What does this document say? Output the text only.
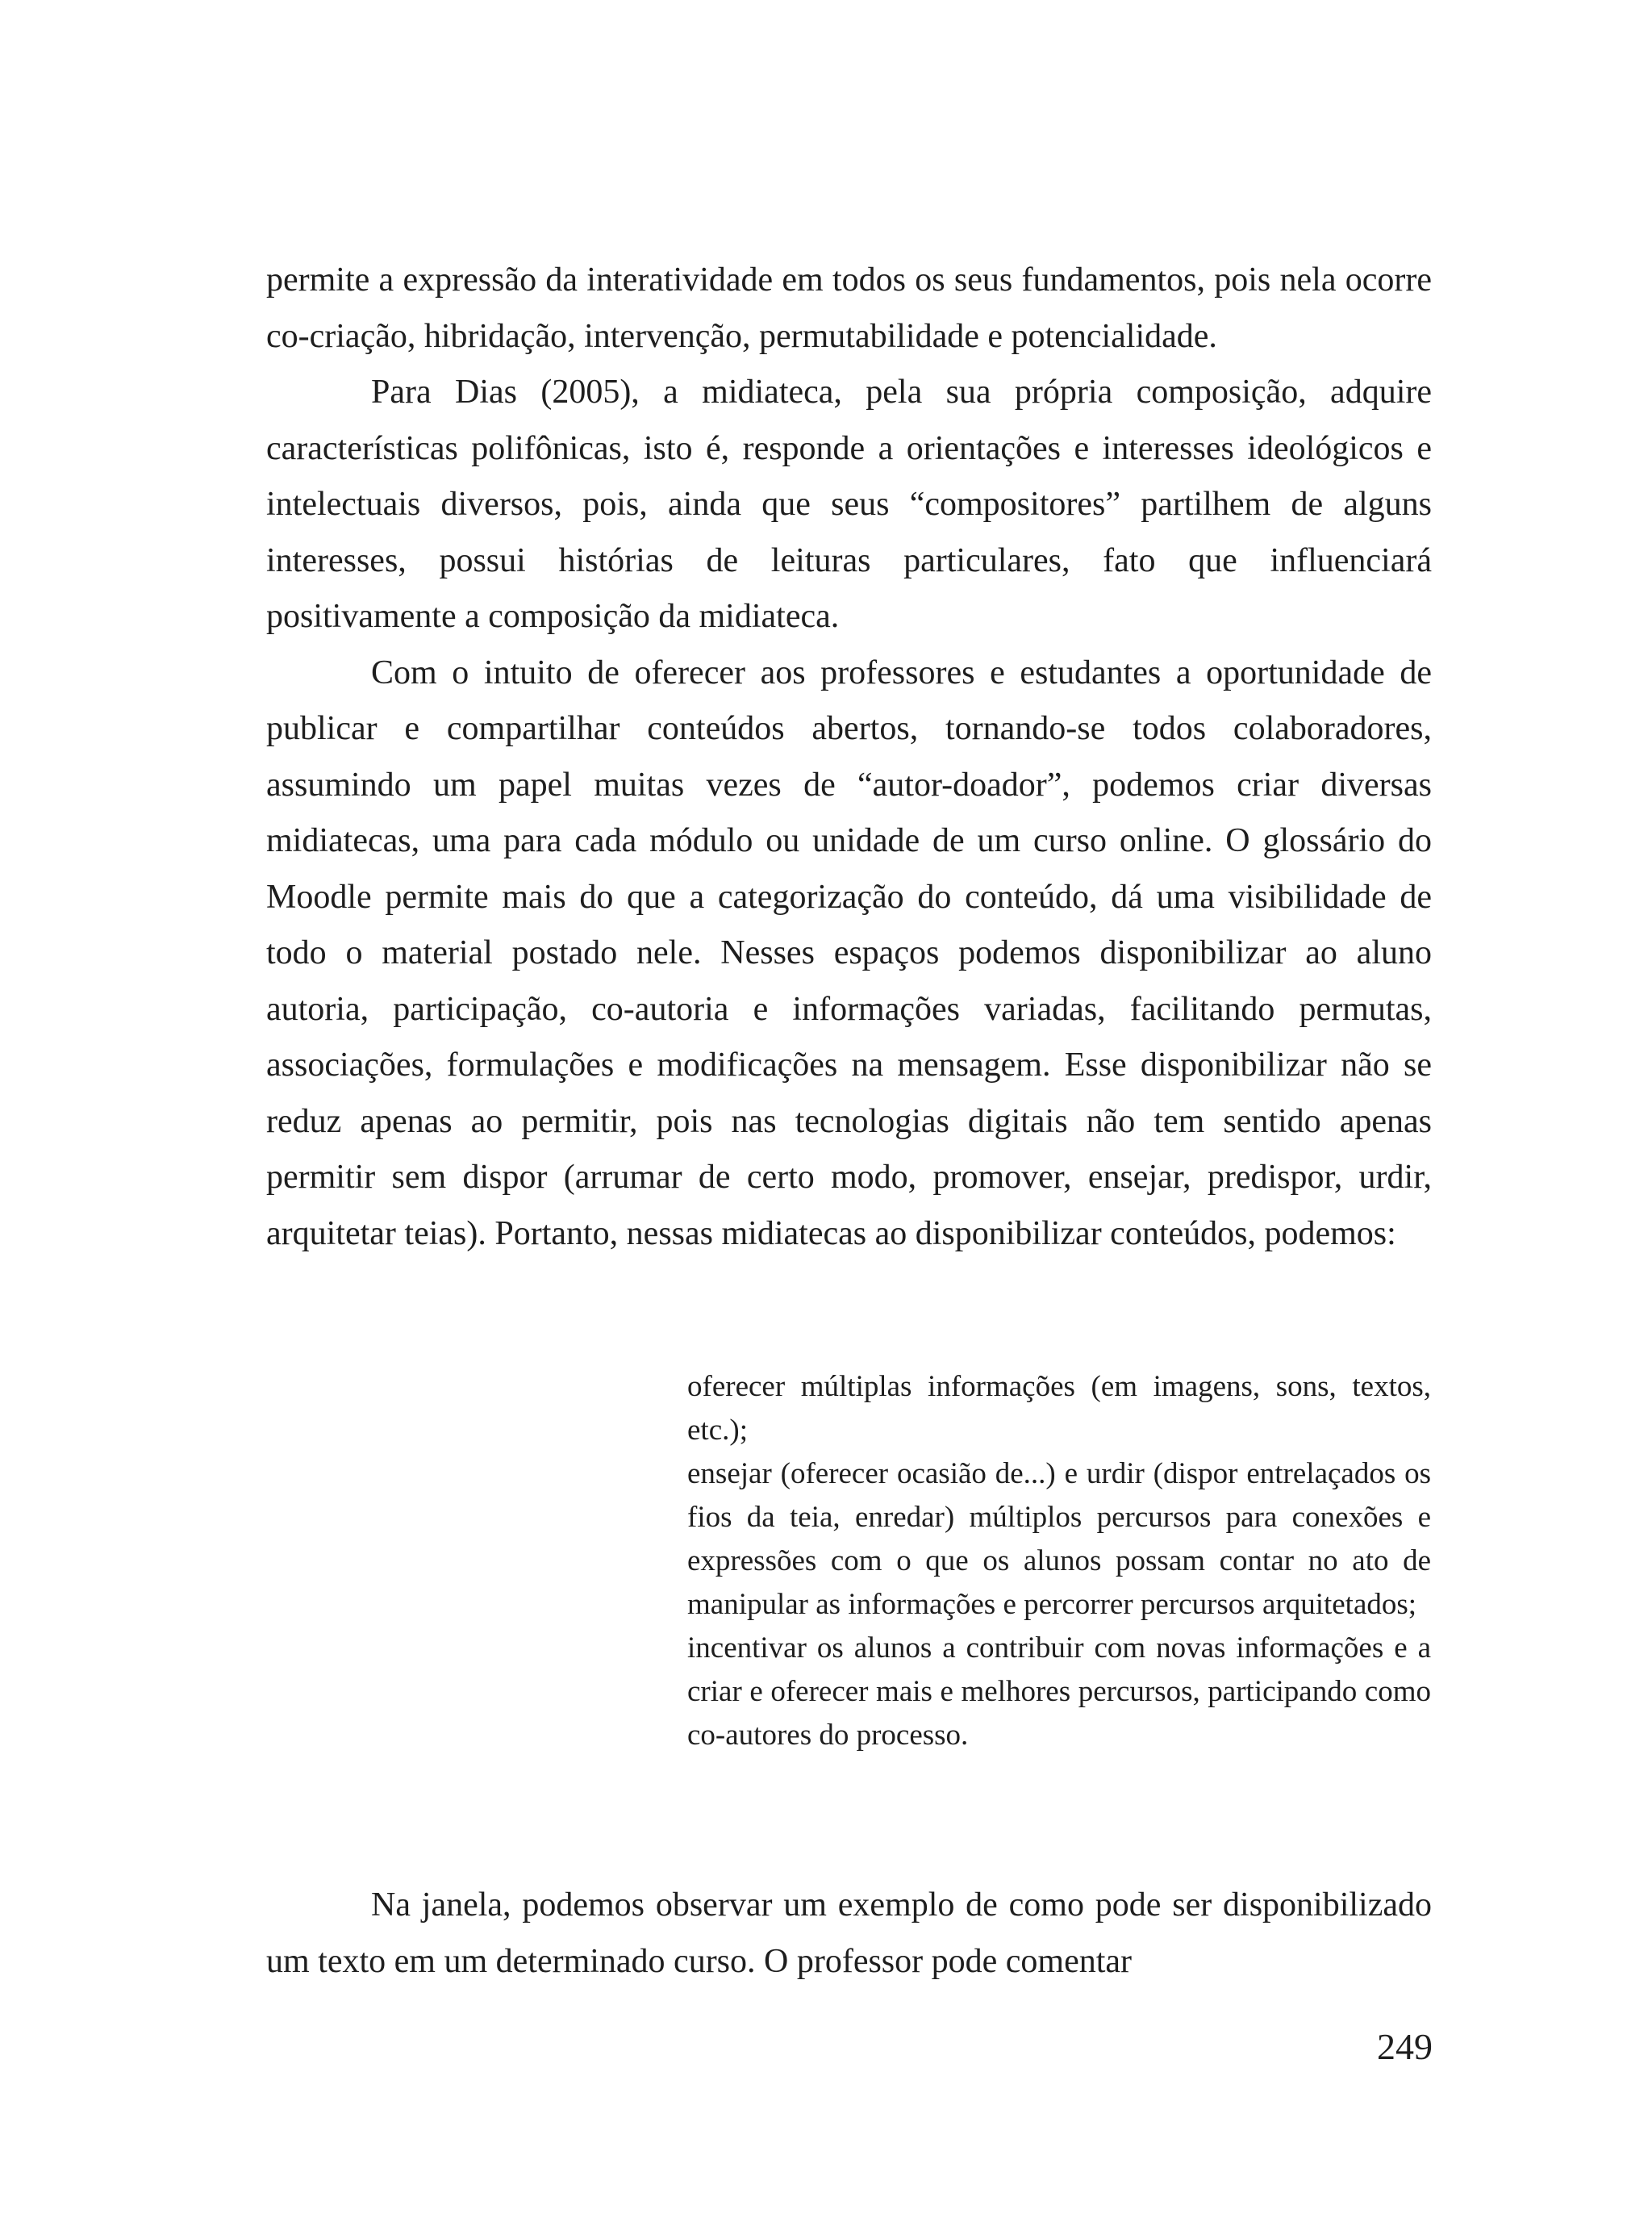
permite a expressão da interatividade em todos os seus fundamentos, pois nela ocorre co-criação, hibridação, intervenção, permutabilidade e potencialidade.

Para Dias (2005), a midiateca, pela sua própria composição, adquire características polifônicas, isto é, responde a orientações e interesses ideológicos e intelectuais diversos, pois, ainda que seus “compositores” partilhem de alguns interesses, possui histórias de leituras particulares, fato que influenciará positivamente a composição da midiateca.

Com o intuito de oferecer aos professores e estudantes a oportunidade de publicar e compartilhar conteúdos abertos, tornando-se todos colaboradores, assumindo um papel muitas vezes de “autor-doador”, podemos criar diversas midiatecas, uma para cada módulo ou unidade de um curso online. O glossário do Moodle permite mais do que a categorização do conteúdo, dá uma visibilidade de todo o material postado nele. Nesses espaços podemos disponibilizar ao aluno autoria, participação, co-autoria e informações variadas, facilitando permutas, associações, formulações e modificações na mensagem. Esse disponibilizar não se reduz apenas ao permitir, pois nas tecnologias digitais não tem sentido apenas permitir sem dispor (arrumar de certo modo, promover, ensejar, predispor, urdir, arquitetar teias). Portanto, nessas midiatecas ao disponibilizar conteúdos, podemos:

oferecer múltiplas informações (em imagens, sons, textos, etc.);

ensejar (oferecer ocasião de...) e urdir (dispor entrelaçados os fios da teia, enredar) múltiplos percursos para conexões e expressões com o que os alunos possam contar no ato de manipular as informações e percorrer percursos arquitetados;

incentivar os alunos a contribuir com novas informações e a criar e oferecer mais e melhores percursos, participando como co-autores do processo.

Na janela, podemos observar um exemplo de como pode ser disponibilizado um texto em um determinado curso. O professor pode comentar

249
